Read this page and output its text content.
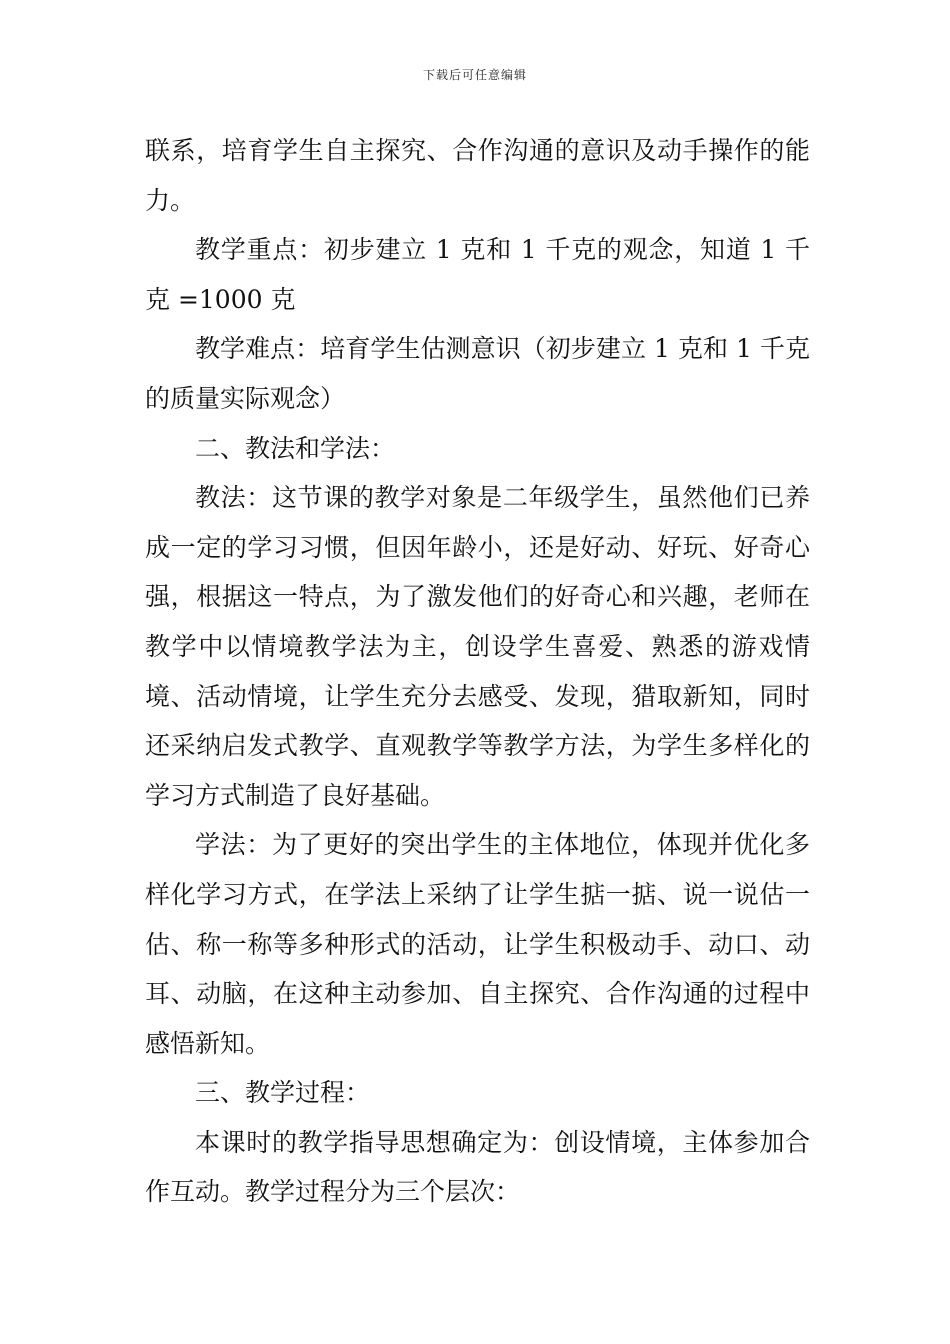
下载后可任意编辑

联系，培育学生自主探究、合作沟通的意识及动手操作的能力。

教学重点：初步建立 1 克和 1 千克的观念，知道 1 千克 =1000 克

教学难点：培育学生估测意识（初步建立 1 克和 1 千克的质量实际观念）

二、教法和学法：

教法：这节课的教学对象是二年级学生，虽然他们已养成一定的学习习惯，但因年龄小，还是好动、好玩、好奇心强，根据这一特点，为了激发他们的好奇心和兴趣，老师在教学中以情境教学法为主，创设学生喜爱、熟悉的游戏情境、活动情境，让学生充分去感受、发现，猎取新知，同时还采纳启发式教学、直观教学等教学方法，为学生多样化的学习方式制造了良好基础。

学法：为了更好的突出学生的主体地位，体现并优化多样化学习方式，在学法上采纳了让学生掂一掂、说一说估一估、称一称等多种形式的活动，让学生积极动手、动口、动耳、动脑，在这种主动参加、自主探究、合作沟通的过程中感悟新知。

三、教学过程：

本课时的教学指导思想确定为：创设情境，主体参加合作互动。教学过程分为三个层次：
